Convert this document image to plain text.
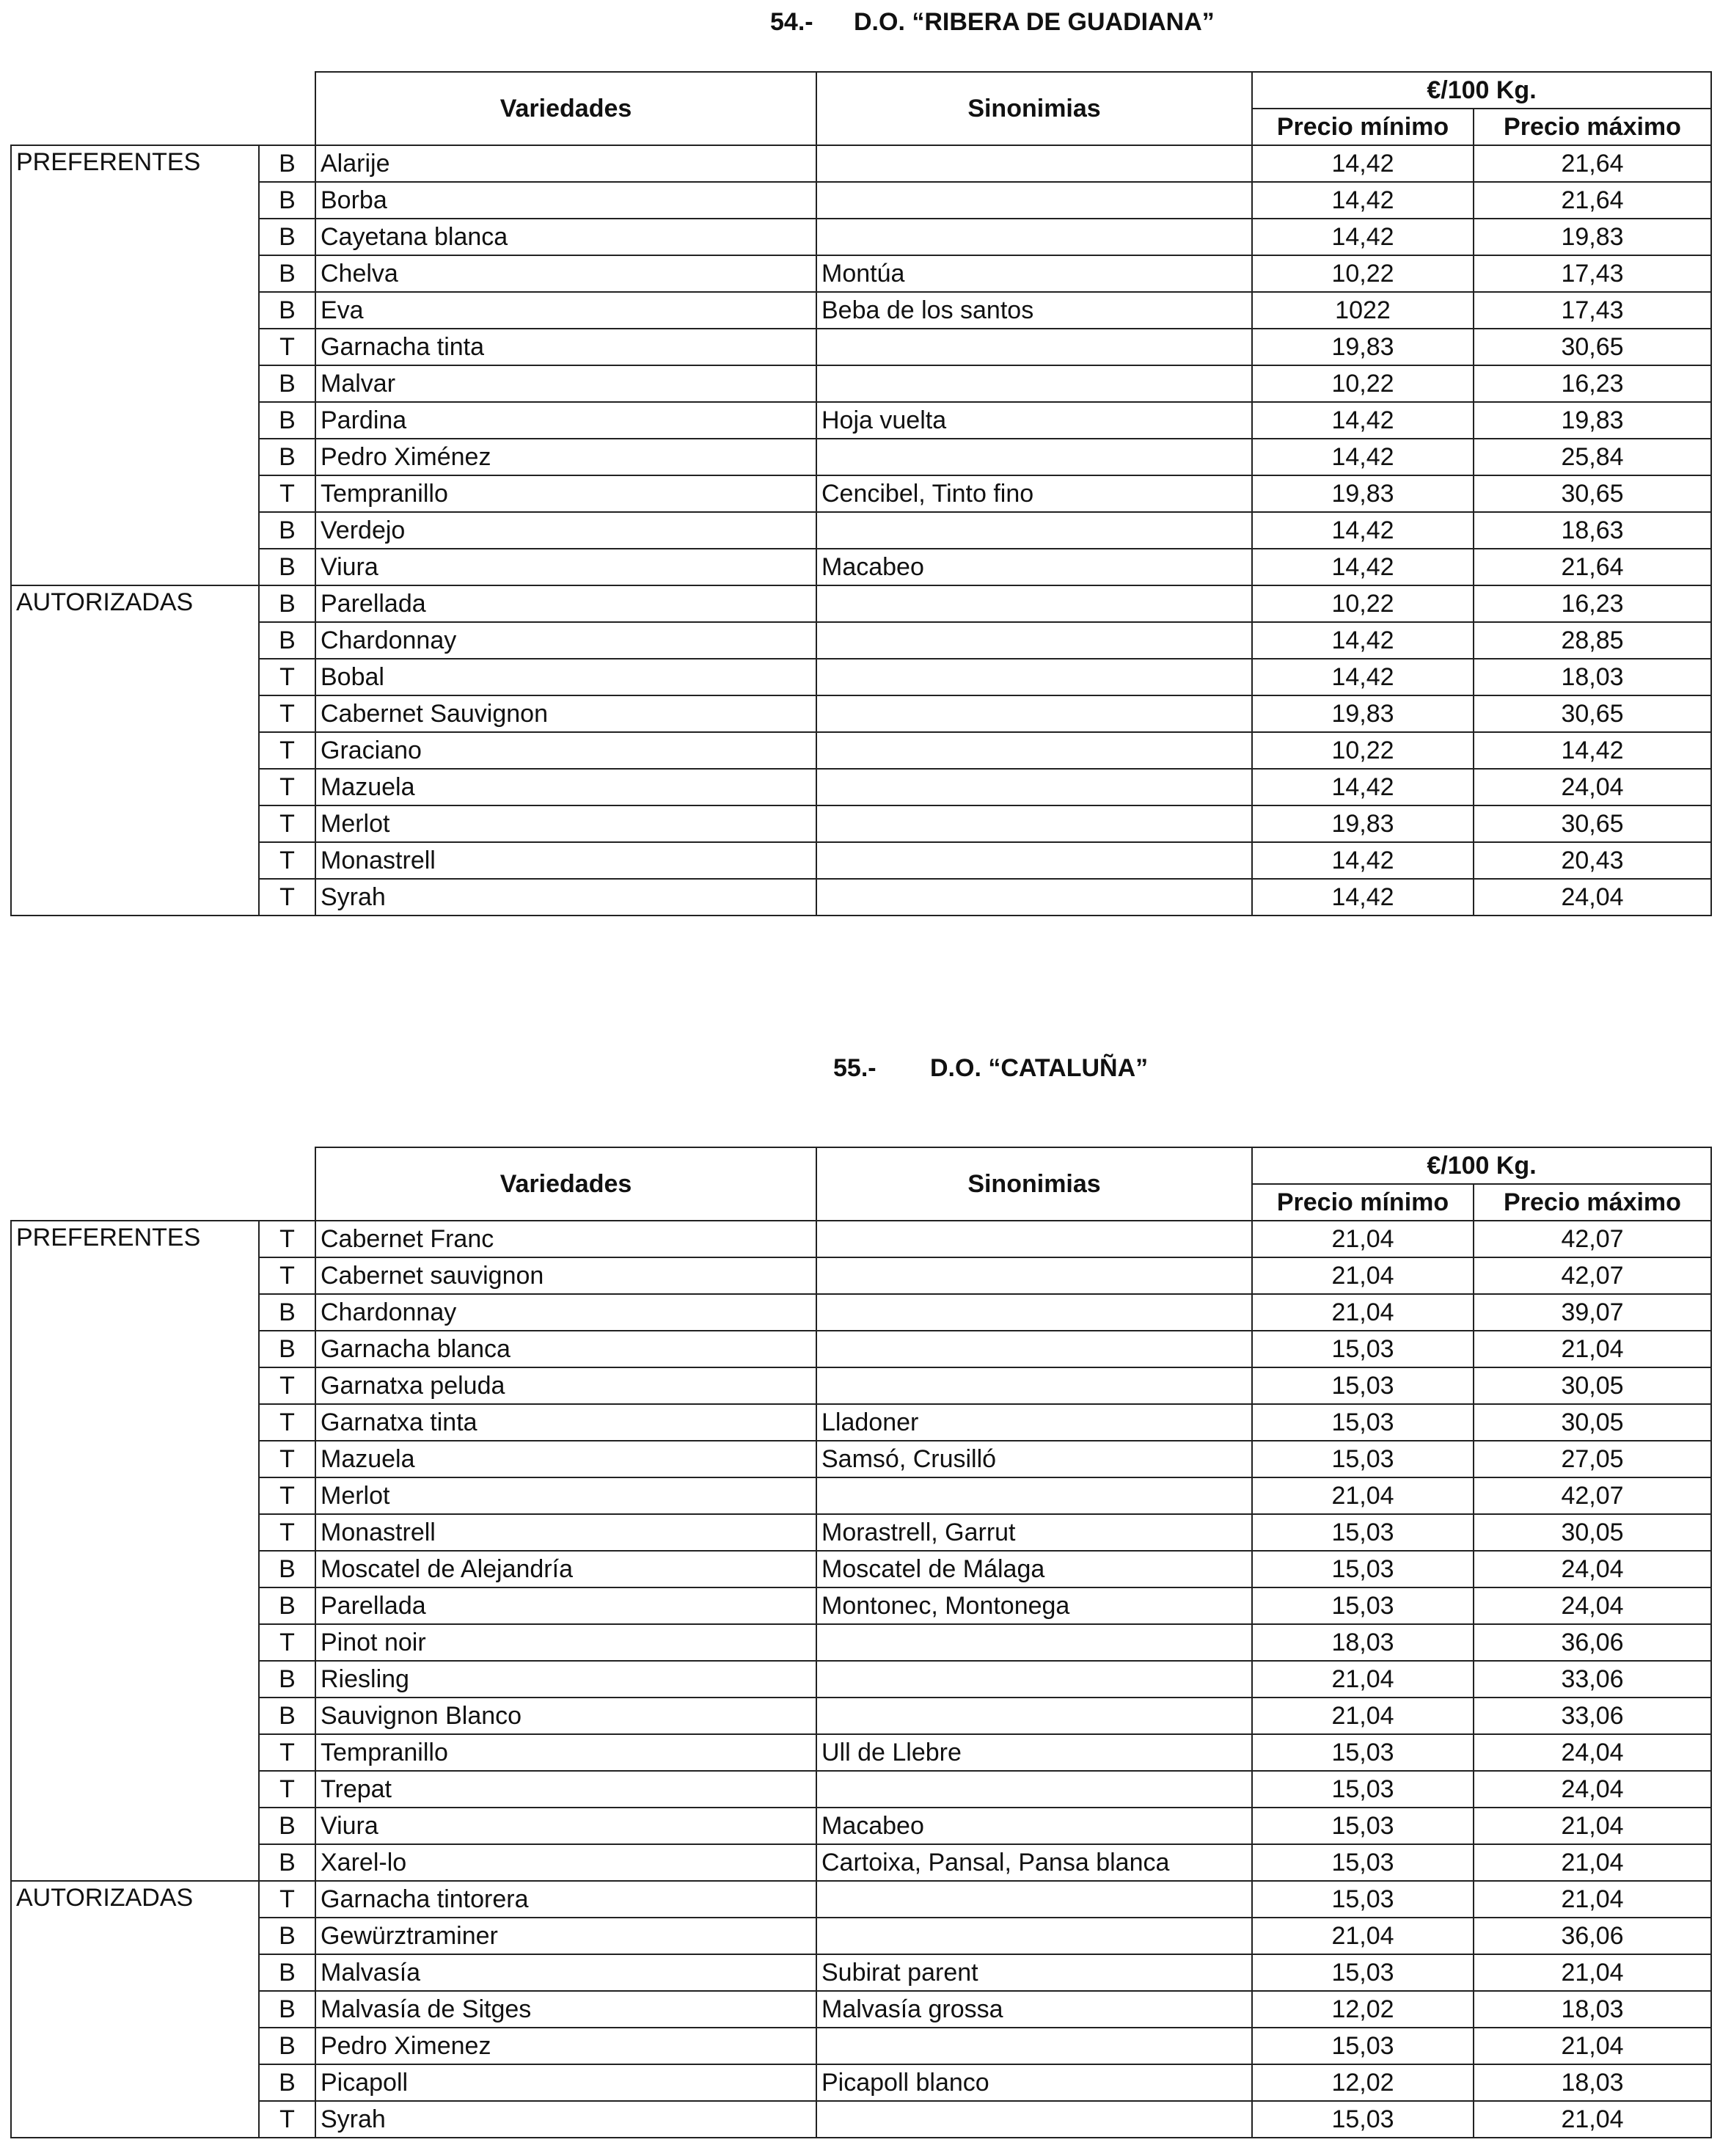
54.- D.O. “RIBERA DE GUADIANA”
		Variedades	Sinonimias	€/100 Kg.	
				Precio mínimo	Precio máximo
PREFERENTES	B	Alarije		14,42	21,64
	B	Borba		14,42	21,64
	B	Cayetana blanca		14,42	19,83
	B	Chelva	Montúa	10,22	17,43
	B	Eva	Beba de los santos	1022	17,43
	T	Garnacha tinta		19,83	30,65
	B	Malvar		10,22	16,23
	B	Pardina	Hoja vuelta	14,42	19,83
	B	Pedro Ximénez		14,42	25,84
	T	Tempranillo	Cencibel, Tinto fino	19,83	30,65
	B	Verdejo		14,42	18,63
	B	Viura	Macabeo	14,42	21,64
AUTORIZADAS	B	Parellada		10,22	16,23
	B	Chardonnay		14,42	28,85
	T	Bobal		14,42	18,03
	T	Cabernet Sauvignon		19,83	30,65
	T	Graciano		10,22	14,42
	T	Mazuela		14,42	24,04
	T	Merlot		19,83	30,65
	T	Monastrell		14,42	20,43
	T	Syrah		14,42	24,04
55.- D.O. “CATALUÑA”
		Variedades	Sinonimias	€/100 Kg.	
				Precio mínimo	Precio máximo
PREFERENTES	T	Cabernet Franc		21,04	42,07
	T	Cabernet sauvignon		21,04	42,07
	B	Chardonnay		21,04	39,07
	B	Garnacha blanca		15,03	21,04
	T	Garnatxa peluda		15,03	30,05
	T	Garnatxa tinta	Lladoner	15,03	30,05
	T	Mazuela	Samsó, Crusilló	15,03	27,05
	T	Merlot		21,04	42,07
	T	Monastrell	Morastrell, Garrut	15,03	30,05
	B	Moscatel de Alejandría	Moscatel de Málaga	15,03	24,04
	B	Parellada	Montonec, Montonega	15,03	24,04
	T	Pinot noir		18,03	36,06
	B	Riesling		21,04	33,06
	B	Sauvignon Blanco		21,04	33,06
	T	Tempranillo	Ull de Llebre	15,03	24,04
	T	Trepat		15,03	24,04
	B	Viura	Macabeo	15,03	21,04
	B	Xarel-lo	Cartoixa, Pansal, Pansa blanca	15,03	21,04
AUTORIZADAS	T	Garnacha tintorera		15,03	21,04
	B	Gewürztraminer		21,04	36,06
	B	Malvasía	Subirat parent	15,03	21,04
	B	Malvasía de Sitges	Malvasía grossa	12,02	18,03
	B	Pedro Ximenez		15,03	21,04
	B	Picapoll	Picapoll blanco	12,02	18,03
	T	Syrah		15,03	21,04
